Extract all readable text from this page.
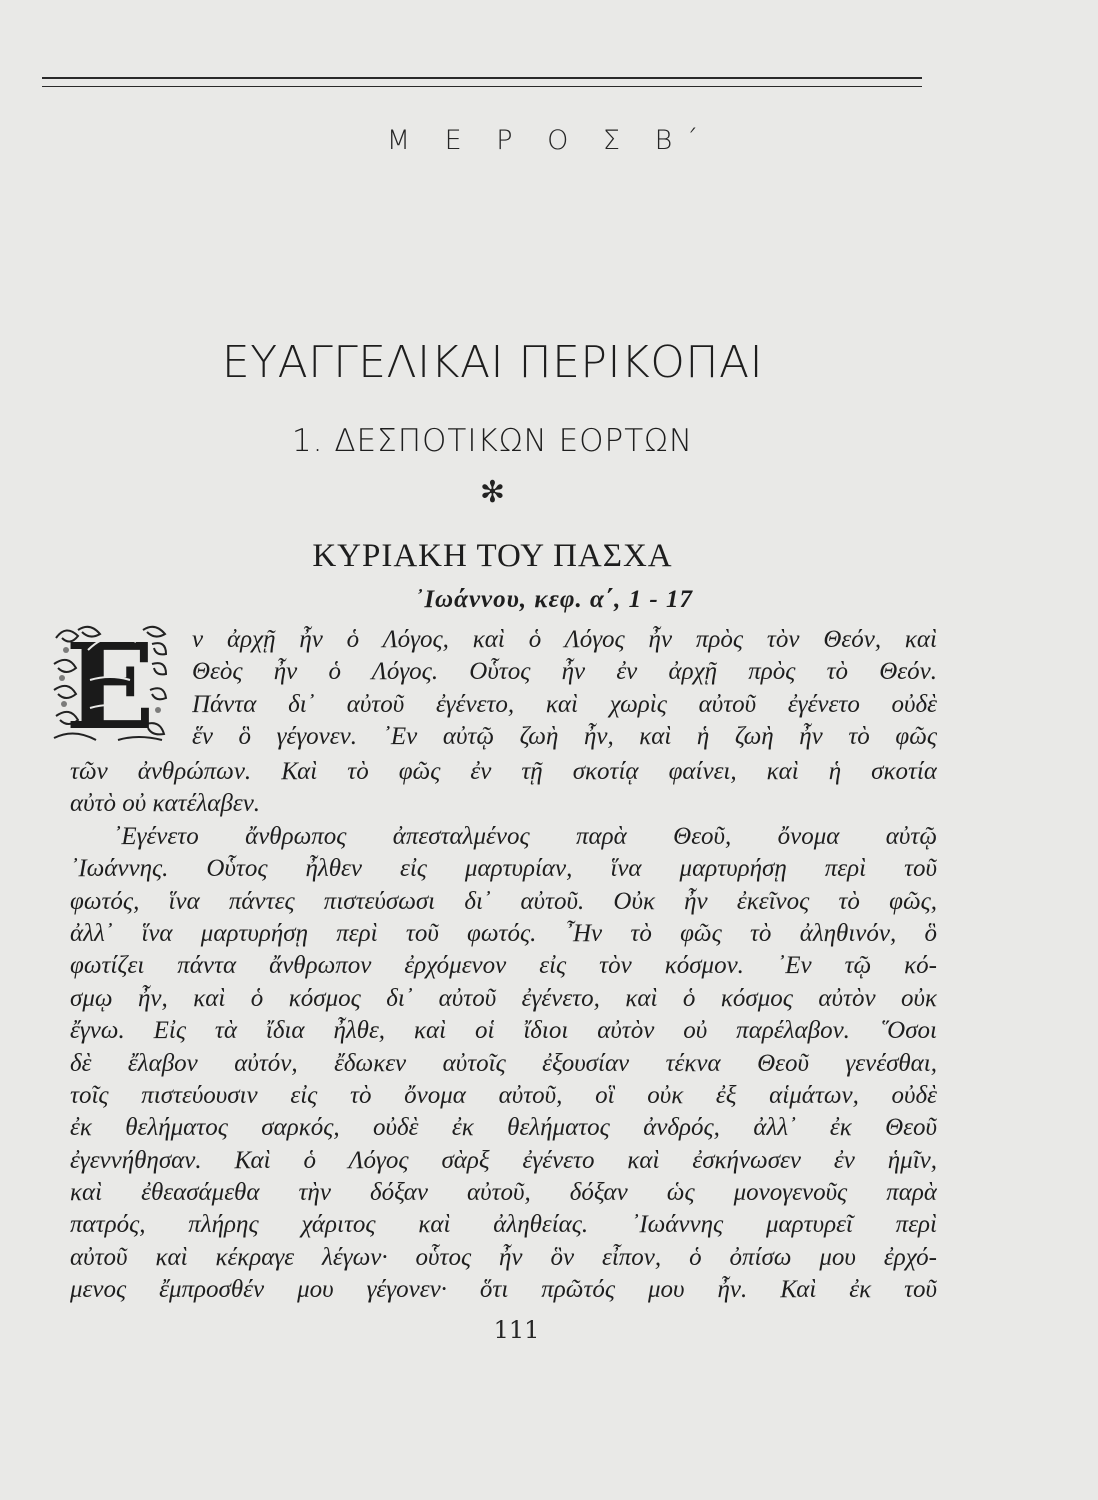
Μ Ε Ρ Ο Σ Β΄
ΕΥΑΓΓΕΛΙΚΑΙ ΠΕΡΙΚΟΠΑΙ
1. ΔΕΣΠΟΤΙΚΩΝ ΕΟΡΤΩΝ
✻
ΚΥΡΙΑΚΗ ΤΟΥ ΠΑΣΧΑ
᾿Ιωάννου, κεφ. α΄, 1 - 17
Ε ν ἀρχῇ ἦν ὁ Λόγος, καὶ ὁ Λόγος ἦν πρὸς τὸν Θεόν, καὶ
Θεὸς ἦν ὁ Λόγος. Οὗτος ἦν ἐν ἀρχῇ πρὸς τὸ Θεόν.
Πάντα δι᾿ αὐτοῦ ἐγένετο, καὶ χωρὶς αὐτοῦ ἐγένετο οὐδὲ
ἕν ὃ γέγονεν. ᾿Εν αὐτῷ ζωὴ ἦν, καὶ ἡ ζωὴ ἦν τὸ φῶς
τῶν ἀνθρώπων. Καὶ τὸ φῶς ἐν τῇ σκοτίᾳ φαίνει, καὶ ἡ σκοτία
αὐτὸ οὐ κατέλαβεν.
᾿Εγένετο ἄνθρωπος ἀπεσταλμένος παρὰ Θεοῦ, ὄνομα αὐτῷ
᾿Ιωάννης. Οὗτος ἦλθεν εἰς μαρτυρίαν, ἵνα μαρτυρήσῃ περὶ τοῦ
φωτός, ἵνα πάντες πιστεύσωσι δι᾿ αὐτοῦ. Οὐκ ἦν ἐκεῖνος τὸ φῶς,
ἀλλ᾿ ἵνα μαρτυρήσῃ περὶ τοῦ φωτός. ῏Ην τὸ φῶς τὸ ἀληθινόν, ὃ
φωτίζει πάντα ἄνθρωπον ἐρχόμενον εἰς τὸν κόσμον. ᾿Εν τῷ κό-
σμῳ ἦν, καὶ ὁ κόσμος δι᾿ αὐτοῦ ἐγένετο, καὶ ὁ κόσμος αὐτὸν οὐκ
ἔγνω. Εἰς τὰ ἴδια ἦλθε, καὶ οἱ ἴδιοι αὐτὸν οὐ παρέλαβον. ῞Οσοι
δὲ ἔλαβον αὐτόν, ἔδωκεν αὐτοῖς ἐξουσίαν τέκνα Θεοῦ γενέσθαι,
τοῖς πιστεύουσιν εἰς τὸ ὄνομα αὐτοῦ, οἳ οὐκ ἐξ αἱμάτων, οὐδὲ
ἐκ θελήματος σαρκός, οὐδὲ ἐκ θελήματος ἀνδρός, ἀλλ᾿ ἐκ Θεοῦ
ἐγεννήθησαν. Καὶ ὁ Λόγος σὰρξ ἐγένετο καὶ ἐσκήνωσεν ἐν ἡμῖν,
καὶ ἐθεασάμεθα τὴν δόξαν αὐτοῦ, δόξαν ὡς μονογενοῦς παρὰ
πατρός, πλήρης χάριτος καὶ ἀληθείας. ᾿Ιωάννης μαρτυρεῖ περὶ
αὐτοῦ καὶ κέκραγε λέγων· οὗτος ἦν ὃν εἶπον, ὁ ὀπίσω μου ἐρχό-
μενος ἔμπροσθέν μου γέγονεν· ὅτι πρῶτός μου ἦν. Καὶ ἐκ τοῦ
111
